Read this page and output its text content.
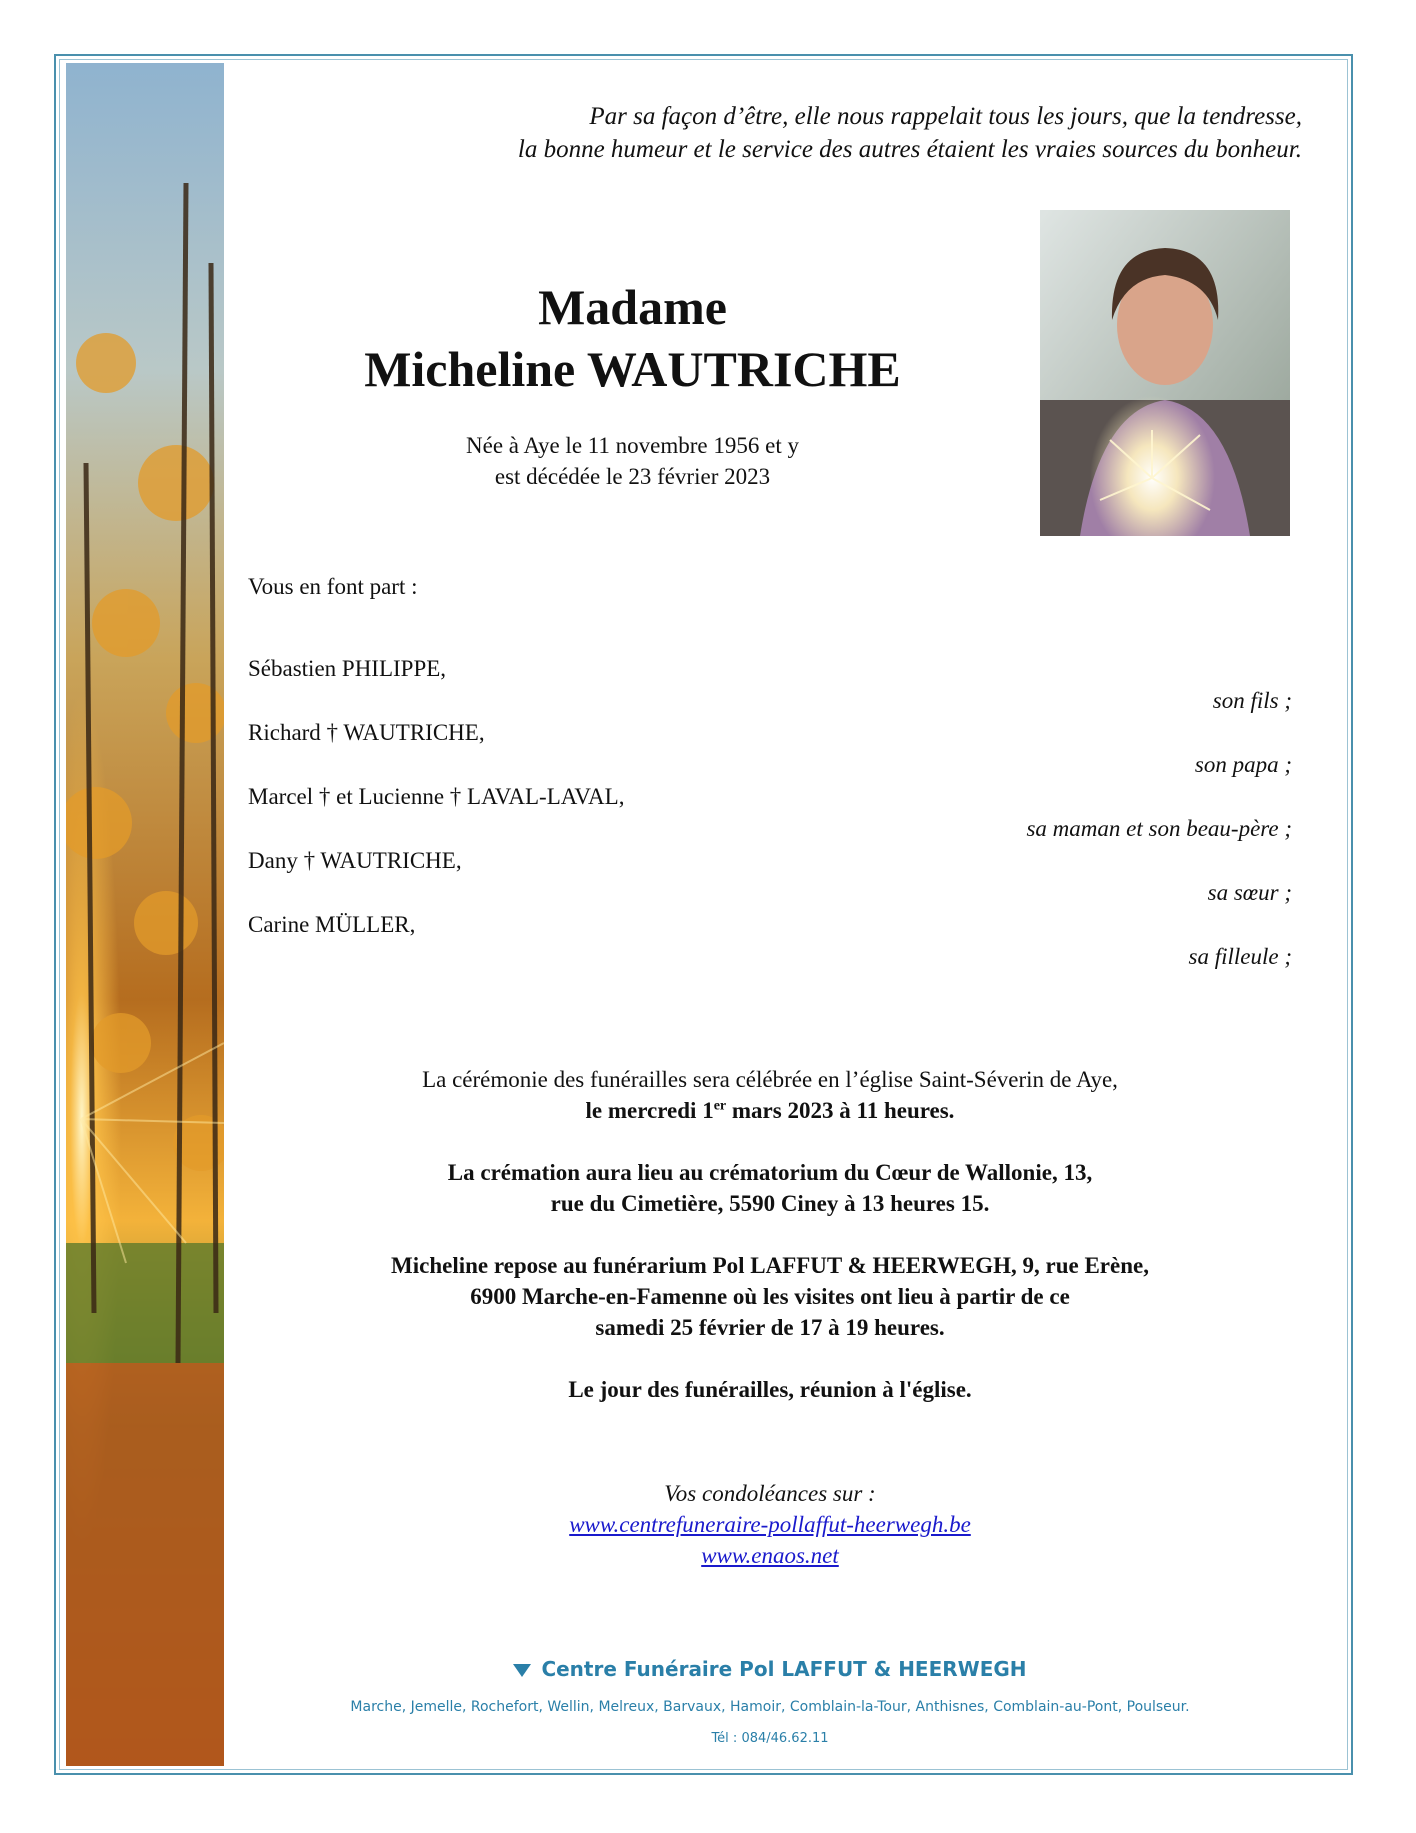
Par sa façon d’être, elle nous rappelait tous les jours, que la tendresse,
la bonne humeur et le service des autres étaient les vraies sources du bonheur.
Madame
Micheline WAUTRICHE
Née à Aye le 11 novembre 1956 et y
est décédée le 23 février 2023
Vous en font part :
Sébastien PHILIPPE,
son fils ;
Richard † WAUTRICHE,
son papa ;
Marcel † et Lucienne † LAVAL-LAVAL,
sa maman et son beau-père ;
Dany † WAUTRICHE,
sa sœur ;
Carine MÜLLER,
sa filleule ;
La cérémonie des funérailles sera célébrée en l’église Saint-Séverin de Aye,
le mercredi 1er mars 2023 à 11 heures.
La crémation aura lieu au crématorium du Cœur de Wallonie, 13,
rue du Cimetière, 5590 Ciney à 13 heures 15.
Micheline repose au funérarium Pol LAFFUT & HEERWEGH, 9, rue Erène,
6900 Marche-en-Famenne où les visites ont lieu à partir de ce
samedi 25 février de 17 à 19 heures.
Le jour des funérailles, réunion à l'église.
Vos condoléances sur :
www.centrefuneraire-pollaffut-heerwegh.be
www.enaos.net
Centre Funéraire Pol LAFFUT & HEERWEGH
Marche, Jemelle, Rochefort, Wellin, Melreux, Barvaux, Hamoir, Comblain-la-Tour, Anthisnes, Comblain-au-Pont, Poulseur.
Tél : 084/46.62.11
